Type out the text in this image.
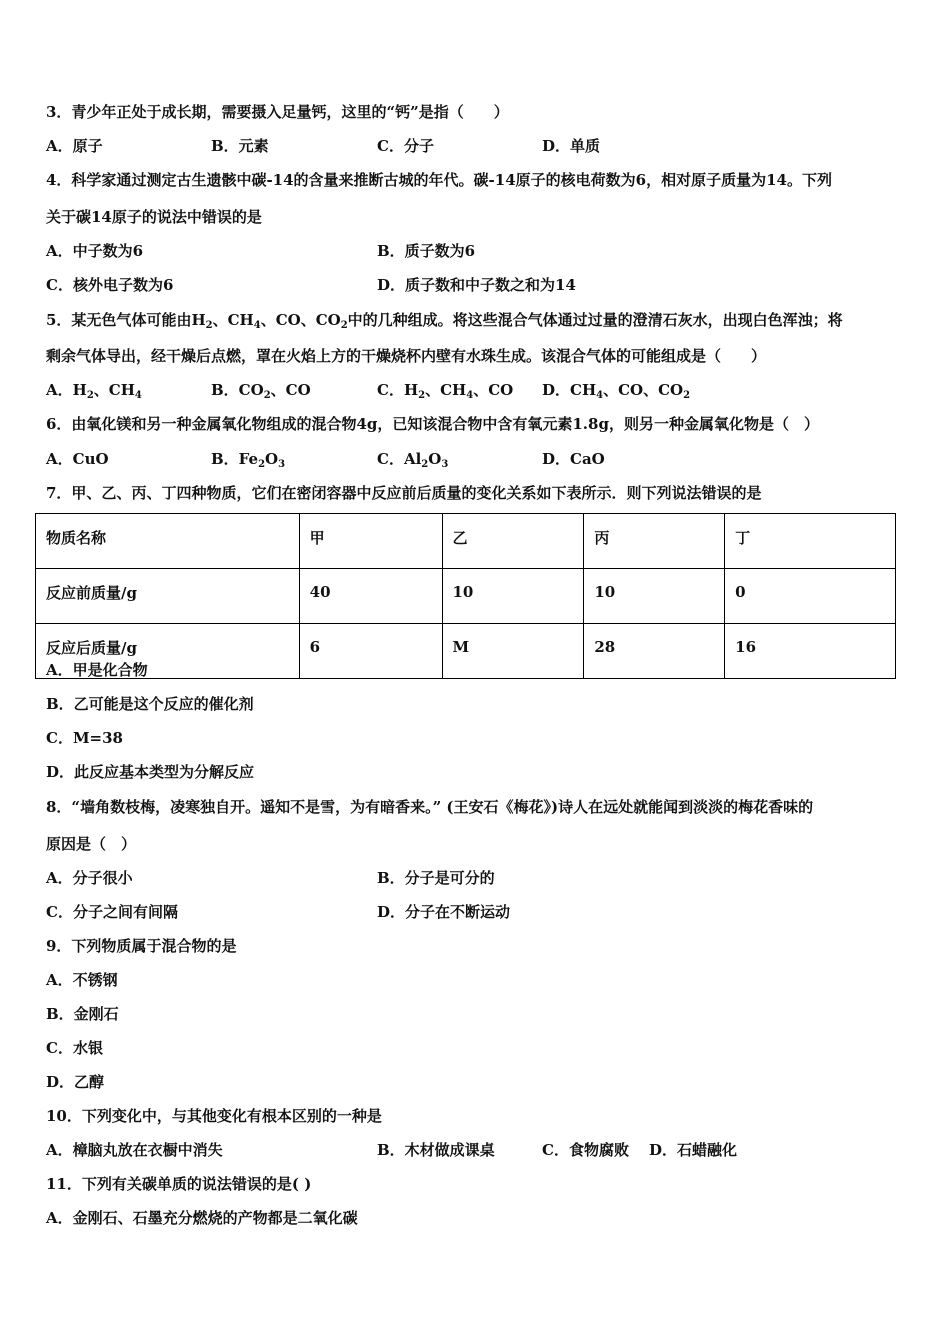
3．青少年正处于成长期，需要摄入足量钙，这里的“钙”是指（　　）
A．原子	B．元素	C．分子	D．单质
4．科学家通过测定古生遗骸中碳-14的含量来推断古城的年代。碳-14原子的核电荷数为6，相对原子质量为14。下列
关于碳14原子的说法中错误的是
A．中子数为6	B．质子数为6
C．核外电子数为6	D．质子数和中子数之和为14
5．某无色气体可能由$H_2$、$CH_4$、CO、$CO_2$中的几种组成。将这些混合气体通过过量的澄清石灰水，出现白色浑浊；将
剩余气体导出，经干燥后点燃，罩在火焰上方的干燥烧杯内壁有水珠生成。该混合气体的可能组成是（　　）
A．$H_2$、$CH_4$	B．$CO_2$、CO	C．$H_2$、$CH_4$、CO D．$CH_4$、CO、$CO_2$
6．由氧化镁和另一种金属氧化物组成的混合物4g，已知该混合物中含有氧元素1.8g，则另一种金属氧化物是（　）
A．CuO	B．$Fe_2O_3$	C．$Al_2O_3$	D．CaO
7．甲、乙、丙、丁四种物质，它们在密闭容器中反应前后质量的变化关系如下表所示．则下列说法错误的是
物质名称	甲	乙	丙	丁
反应前质量/g	40	10	10	0
反应后质量/g	6	M	28	16
A．甲是化合物
B．乙可能是这个反应的催化剂
C．M=38
D．此反应基本类型为分解反应
8．“墙角数枝梅，凌寒独自开。遥知不是雪，为有暗香来。” (王安石《梅花》)诗人在远处就能闻到淡淡的梅花香味的
原因是（　）
A．分子很小	B．分子是可分的
C．分子之间有间隔	D．分子在不断运动
9．下列物质属于混合物的是
A．不锈钢
B．金刚石
C．水银
D．乙醇
10．下列变化中，与其他变化有根本区别的一种是
A．樟脑丸放在衣橱中消失	B．木材做成课桌	C．食物腐败 D．石蜡融化
11．下列有关碳单质的说法错误的是( )
A．金刚石、石墨充分燃烧的产物都是二氧化碳
